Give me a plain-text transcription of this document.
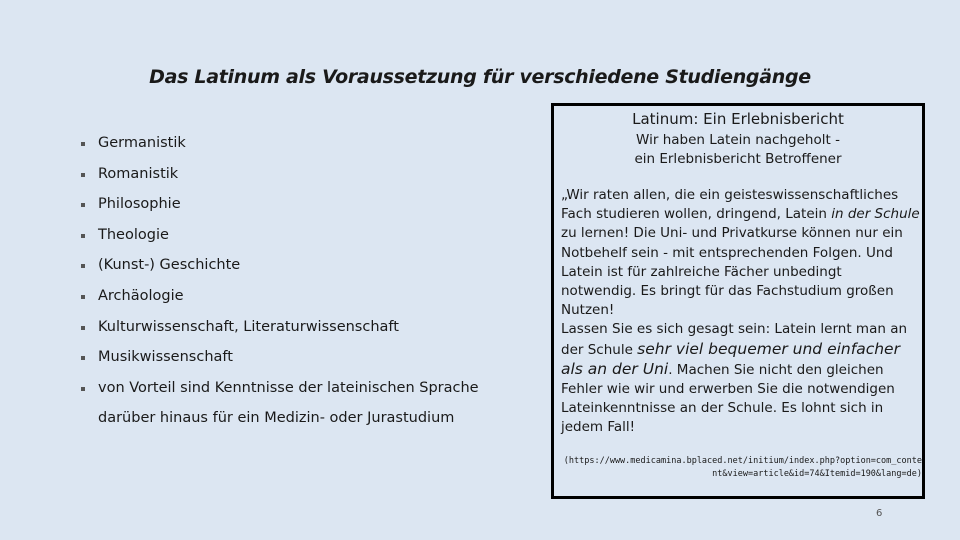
Das Latinum als Voraussetzung für verschiedene Studiengänge
Germanistik
Romanistik
Philosophie
Theologie
(Kunst-) Geschichte
Archäologie
Kulturwissenschaft, Literaturwissenschaft
Musikwissenschaft
von Vorteil sind Kenntnisse der lateinischen Sprache
darüber hinaus für ein Medizin- oder Jurastudium
Latinum: Ein Erlebnisbericht
Wir haben Latein nachgeholt -
ein Erlebnisbericht Betroffener
„Wir raten allen, die ein geisteswissenschaftliches Fach studieren wollen, dringend, Latein in der Schule zu lernen! Die Uni- und Privatkurse können nur ein Notbehelf sein - mit entsprechenden Folgen. Und Latein ist für zahlreiche Fächer unbedingt notwendig. Es bringt für das Fachstudium großen Nutzen!
Lassen Sie es sich gesagt sein: Latein lernt man an der Schule sehr viel bequemer und einfacher als an der Uni. Machen Sie nicht den gleichen Fehler wie wir und erwerben Sie die notwendigen Lateinkenntnisse an der Schule. Es lohnt sich in jedem Fall!
(https://www.medicamina.bplaced.net/initium/index.php?option=com_content&view=article&id=74&Itemid=190&lang=de)
6
